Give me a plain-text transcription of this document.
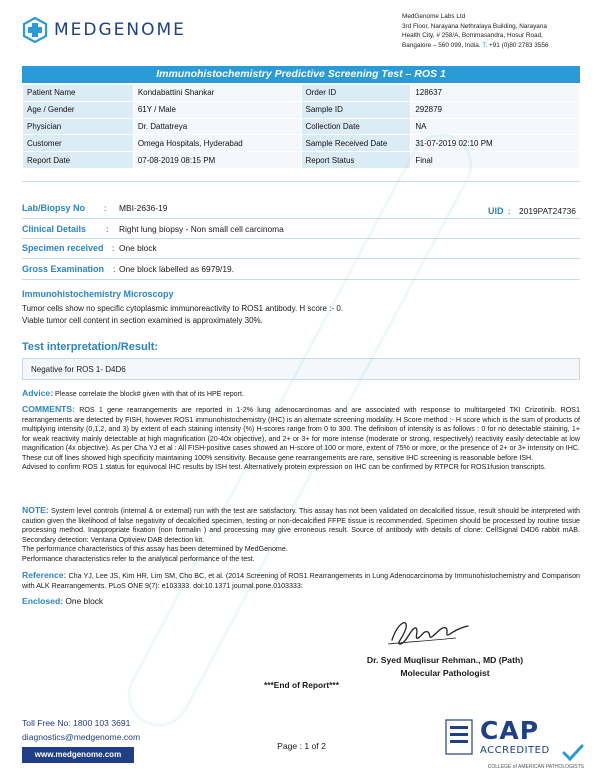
MEDGENOME
MedGenome Labs Ltd
3rd Floor, Narayana Nethralaya Building, Narayana
Health City, # 258/A, Bommasandra, Hosur Road,
Bangalore – 560 099, India. T: +91 (0)80 2783 3556
Immunohistochemistry Predictive Screening Test – ROS 1
Patient Name	Kondabattini Shankar	Order ID	128637
Age / Gender	61Y / Male	Sample ID	292879
Physician	Dr. Dattatreya	Collection Date	NA
Customer	Omega Hospitals, Hyderabad	Sample Received Date	31-07-2019 02:10 PM
Report Date	07-08-2019 08:15 PM	Report Status	Final
Lab/Biopsy No : MBI-2636-19	UID : 2019PAT24736
Clinical Details : Right lung biopsy - Non small cell carcinoma
Specimen received : One block
Gross Examination : One block labelled as 6979/19.
Immunohistochemistry Microscopy
Tumor cells show no specific cytoplasmic immunoreactivity to ROS1 antibody. H score :- 0.
Viable tumor cell content in section examined is approximately 30%.
Test interpretation/Result:
Negative for ROS 1- D4D6
Advice: Please correlate the block# given with that of its HPE report.
COMMENTS: ROS 1 gene rearrangements are reported in 1-2% lung adenocarcinomas and are associated with response to multitargeted TKI Crizotinib. ROS1 rearrangements are detected by FISH, however ROS1 immunohistochemistry (IHC) is an alternate screening modality. H Score method :- H score which is the sum of products of multiplying intensity (0,1,2, and 3) by extent of each staining intensity (%) H-scores range from 0 to 300. The definition of intensity is as follows : 0 for no detectable staining, 1+ for weak reactivity mainly detectable at high magnification (20-40x objective), and 2+ or 3+ for more intense (moderate or strong, respectively) reactivity easily detectable at low magnification (4x objective). As per Cha YJ et al : All FISH-positive cases showed an H-score of 100 or more, extent of 75% or more, or the presence of 2+ or 3+ intensity on IHC. These cut off lines showed high specificity maintaining 100% sensitivity. Because gene rearrangements are rare, sensitive IHC screening is reasonable before ISH.
Advised to confirm ROS 1 status for equivocal IHC results by ISH test. Alternatively protein expression on IHC can be confirmed by RTPCR for ROS1fusion transcripts.
NOTE: System level controls (internal & or external) run with the test are satisfactory. This assay has not been validated on decalcified tissue, result should be interpreted with caution given the likelihood of false negativity of decalcified specimen, testing or non-decalcified FFPE tissue is recommended. Specimen should be processed by routine tissue processing method. Inappropriate fixation (non formalin ) and processing may give erroneous result. Source of antibody with details of clone: CellSignal D4D6 rabbit mAB. Secondary detection: Ventana Optiview DAB detection kit.
The performance characteristics of this assay has been determined by MedGenome.
Performance characteristics refer to the analytical performance of the test.
Reference: Cha YJ, Lee JS, Kim HR, Lim SM, Cho BC, et al. (2014 Screening of ROS1 Rearrangements in Lung Adenocarcinoma by Immunohistochemistry and Comparison with ALK Rearrangements. PLoS ONE 9(7): e103333. doi:10.1371 journal.pone.0103333:
Enclosed: One block
Dr. Syed Muqlisur Rehman., MD (Path)
Molecular Pathologist
***End of Report***
Toll Free No: 1800 103 3691
diagnostics@medgenome.com
www.medgenome.com
Page : 1 of 2
CAP
ACCREDITED
COLLEGE of AMERICAN PATHOLOGISTS
